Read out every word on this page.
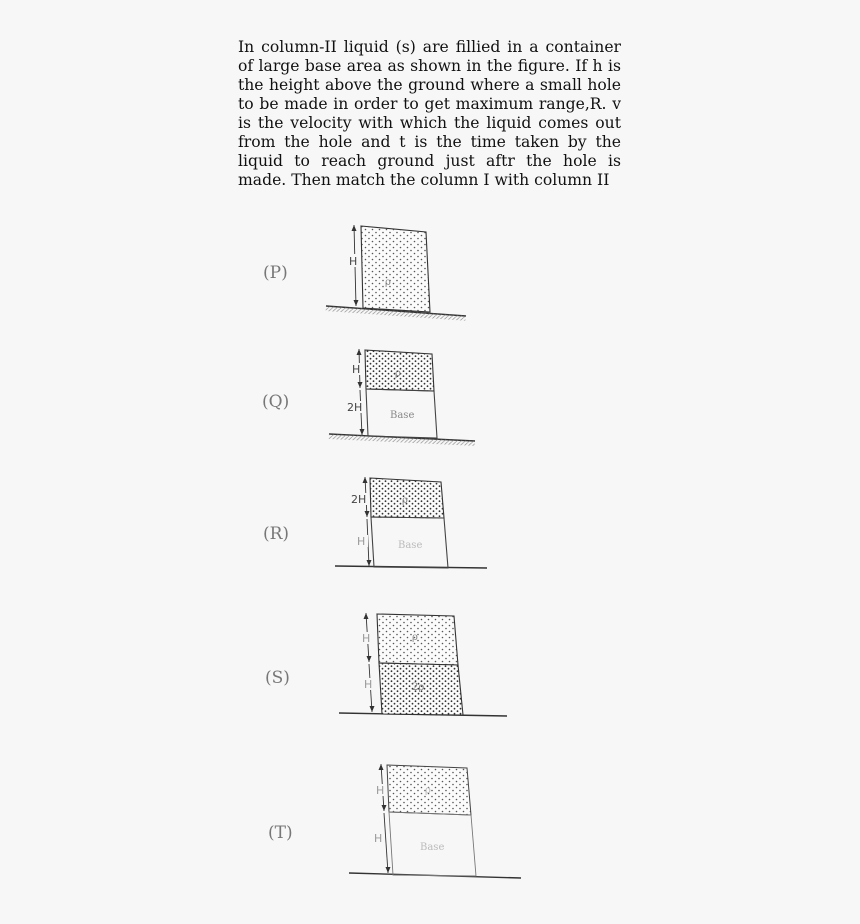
In column-II liquid (s) are fillied in a container of large base area as shown in the figure. If h is the height above the ground where a small hole to be made in order to get maximum range,R. v is the velocity with which the liquid comes out from the hole and t is the time taken by the liquid to reach ground just aftr the hole is made. Then match the column I with column II

(P)
H
ρ
(Q)
H
2H
ρ
Base
(R)
2H
H
ρ
Base
(S)
H
H
ρ
2ρ
(T)
H
H
ρ
Base
